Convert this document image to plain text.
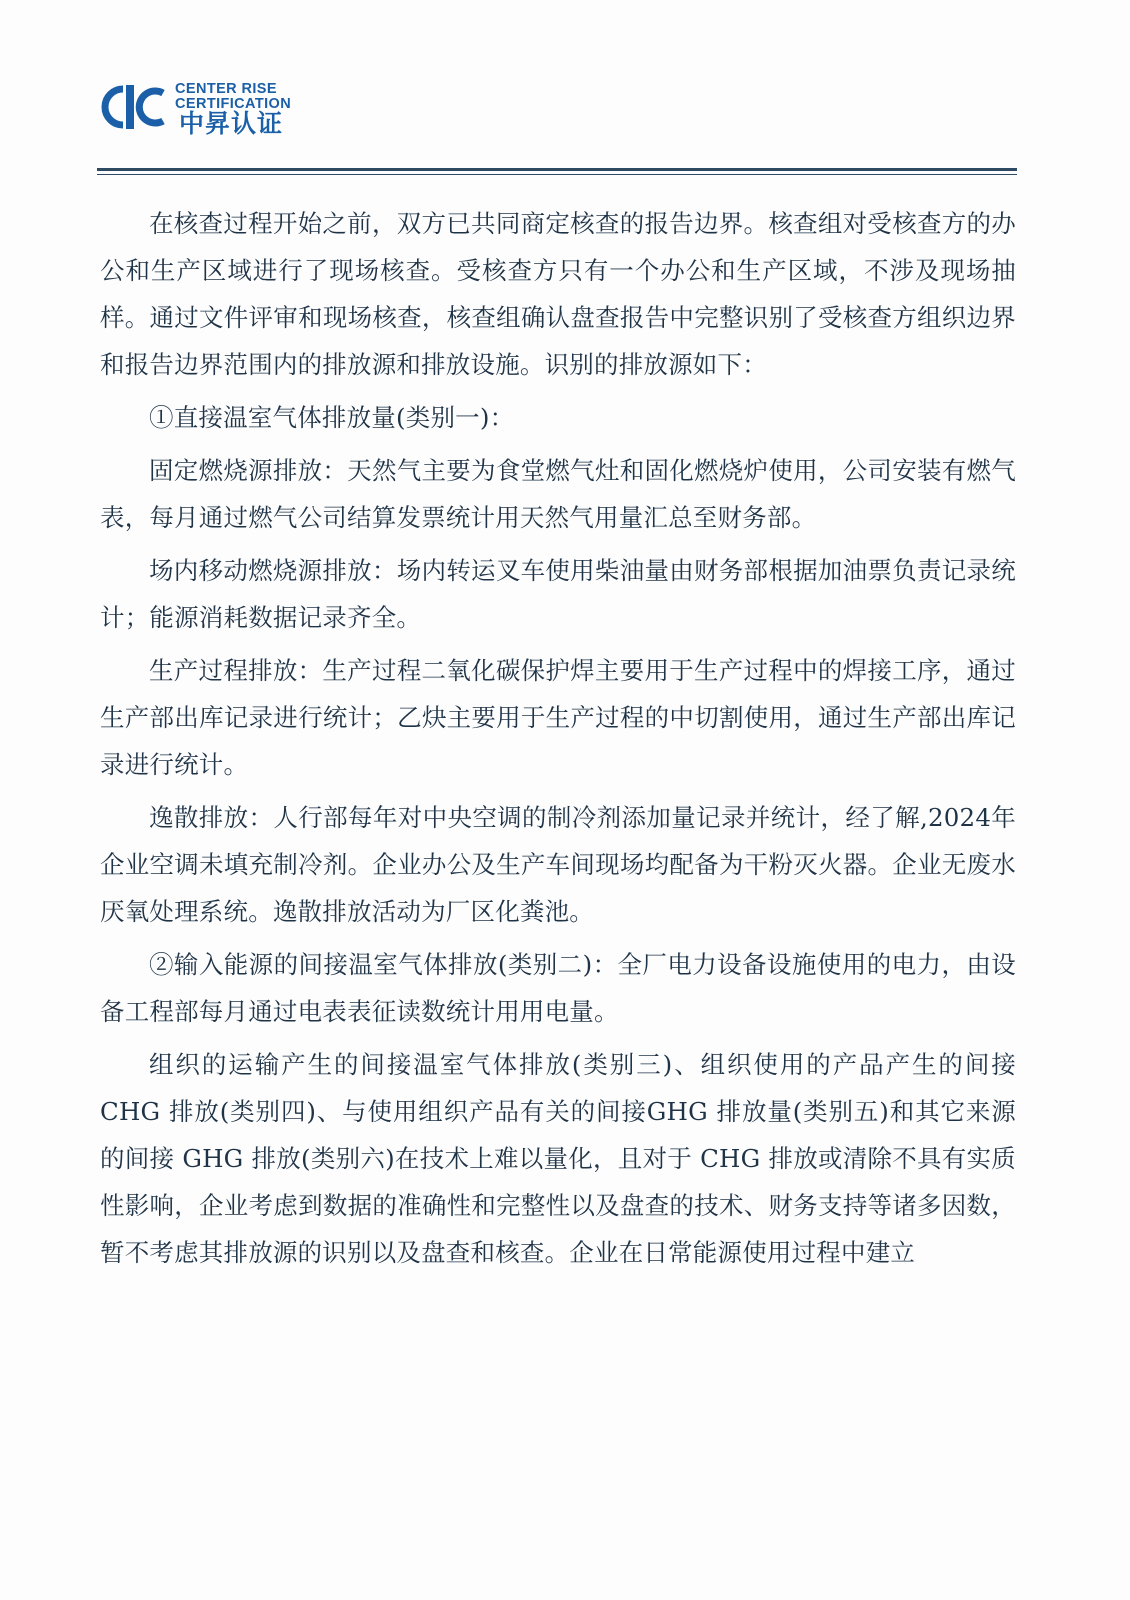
CENTER RISE
CERTIFICATION
中昇认证

在核查过程开始之前，双方已共同商定核查的报告边界。核查组对受核查方的办公和生产区域进行了现场核查。受核查方只有一个办公和生产区域，不涉及现场抽样。通过文件评审和现场核查，核查组确认盘查报告中完整识别了受核查方组织边界和报告边界范围内的排放源和排放设施。识别的排放源如下：

①直接温室气体排放量(类别一)：

固定燃烧源排放：天然气主要为食堂燃气灶和固化燃烧炉使用，公司安装有燃气表，每月通过燃气公司结算发票统计用天然气用量汇总至财务部。

场内移动燃烧源排放：场内转运叉车使用柴油量由财务部根据加油票负责记录统计；能源消耗数据记录齐全。

生产过程排放：生产过程二氧化碳保护焊主要用于生产过程中的焊接工序，通过生产部出库记录进行统计；乙炔主要用于生产过程的中切割使用，通过生产部出库记录进行统计。

逸散排放：人行部每年对中央空调的制冷剂添加量记录并统计，经了解,2024年企业空调未填充制冷剂。企业办公及生产车间现场均配备为干粉灭火器。企业无废水厌氧处理系统。逸散排放活动为厂区化粪池。

②输入能源的间接温室气体排放(类别二)：全厂电力设备设施使用的电力，由设备工程部每月通过电表表征读数统计用用电量。

组织的运输产生的间接温室气体排放(类别三)、组织使用的产品产生的间接CHG 排放(类别四)、与使用组织产品有关的间接GHG 排放量(类别五)和其它来源的间接 GHG 排放(类别六)在技术上难以量化，且对于 CHG 排放或清除不具有实质性影响，企业考虑到数据的准确性和完整性以及盘查的技术、财务支持等诸多因数，暂不考虑其排放源的识别以及盘查和核查。企业在日常能源使用过程中建立
